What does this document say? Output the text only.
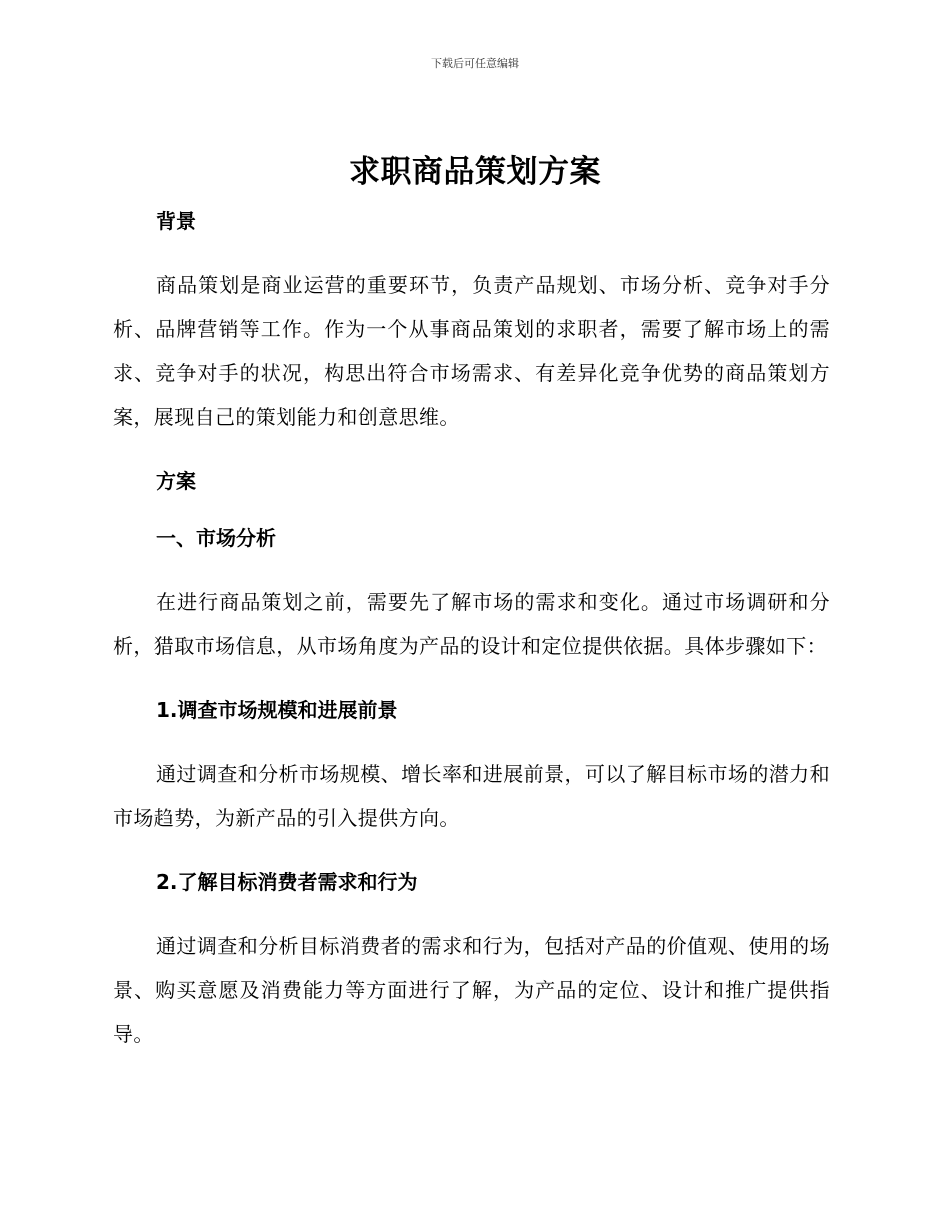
下载后可任意编辑
求职商品策划方案

背景

商品策划是商业运营的重要环节，负责产品规划、市场分析、竞争对手分析、品牌营销等工作。作为一个从事商品策划的求职者，需要了解市场上的需求、竞争对手的状况，构思出符合市场需求、有差异化竞争优势的商品策划方案，展现自己的策划能力和创意思维。

方案

一、市场分析

在进行商品策划之前，需要先了解市场的需求和变化。通过市场调研和分析，猎取市场信息，从市场角度为产品的设计和定位提供依据。具体步骤如下：

1.调查市场规模和进展前景

通过调查和分析市场规模、增长率和进展前景，可以了解目标市场的潜力和市场趋势，为新产品的引入提供方向。

2.了解目标消费者需求和行为

通过调查和分析目标消费者的需求和行为，包括对产品的价值观、使用的场景、购买意愿及消费能力等方面进行了解，为产品的定位、设计和推广提供指导。
